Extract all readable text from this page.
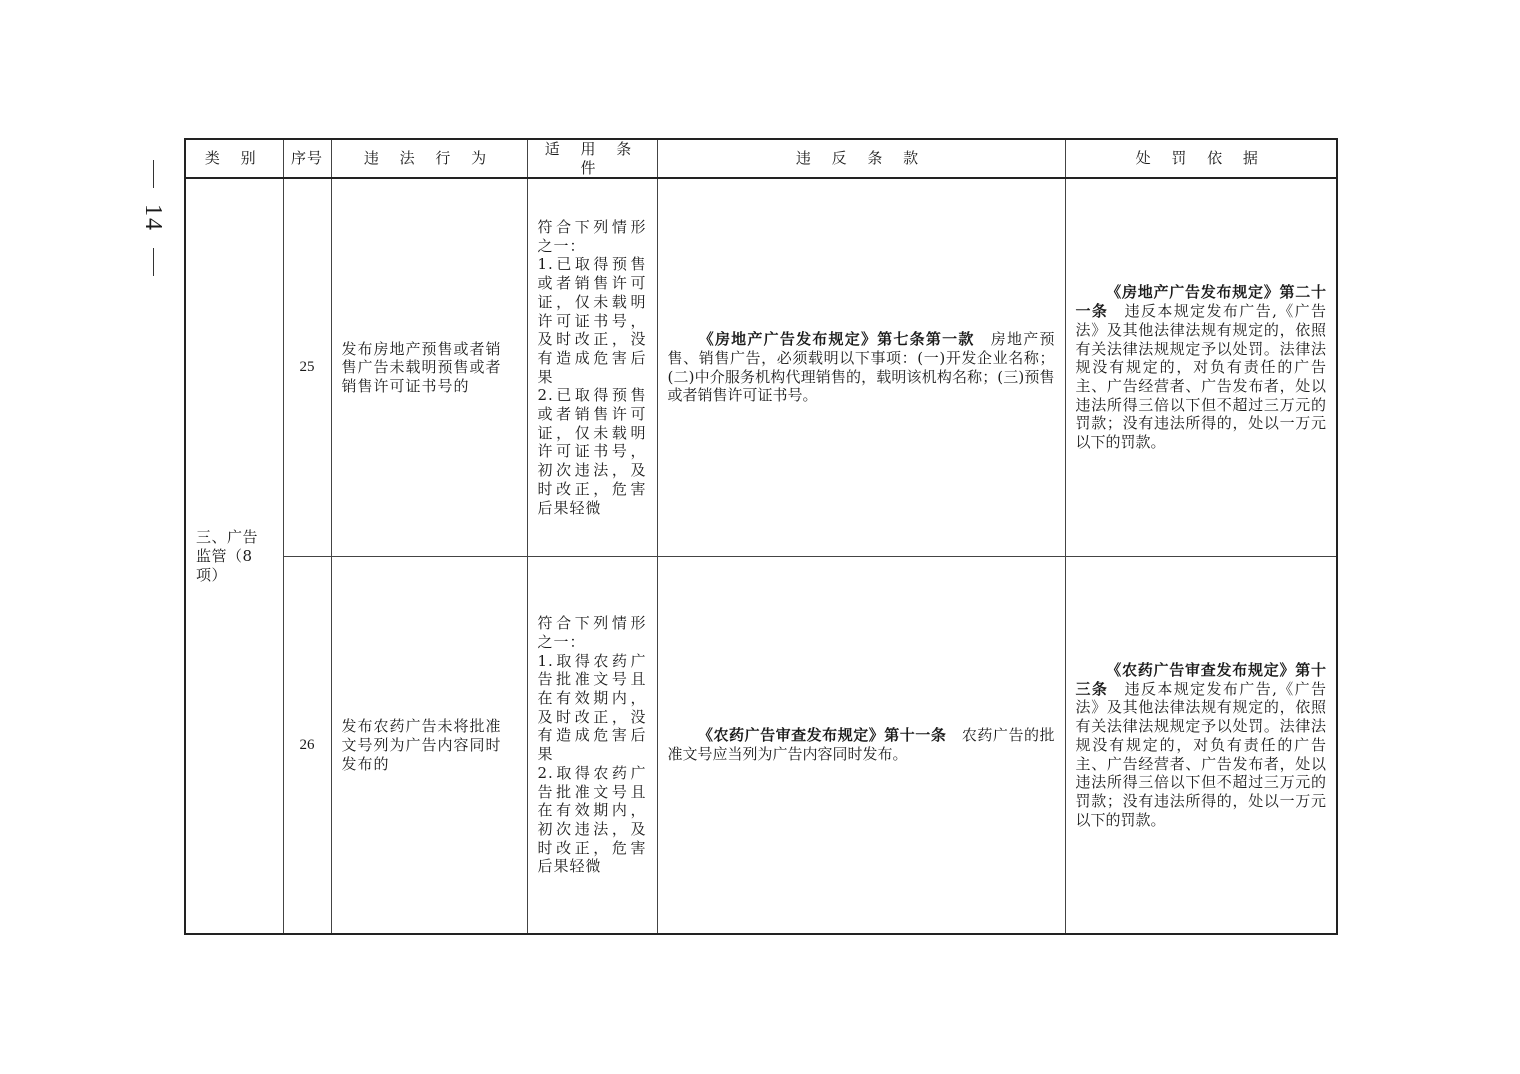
14
类 别	序号	违 法 行 为	适 用 条 件	违 反 条 款	处 罚 依 据
三、广告监管（8项）	25	发布房地产预售或者销售广告未载明预售或者销售许可证书号的	符合下列情形之一：
1.已取得预售或者销售许可证，仅未载明许可证书号，及时改正，没有造成危害后果
2.已取得预售或者销售许可证，仅未载明许可证书号，初次违法，及时改正，危害后果轻微	《房地产广告发布规定》第七条第一款 房地产预售、销售广告，必须载明以下事项：(一)开发企业名称；(二)中介服务机构代理销售的，载明该机构名称；(三)预售或者销售许可证书号。	《房地产广告发布规定》第二十一条 违反本规定发布广告,《广告法》及其他法律法规有规定的，依照有关法律法规规定予以处罚。法律法规没有规定的，对负有责任的广告主、广告经营者、广告发布者，处以违法所得三倍以下但不超过三万元的罚款；没有违法所得的，处以一万元以下的罚款。
	26	发布农药广告未将批准文号列为广告内容同时发布的	符合下列情形之一：
1.取得农药广告批准文号且在有效期内，及时改正，没有造成危害后果
2.取得农药广告批准文号且在有效期内，初次违法，及时改正，危害后果轻微	《农药广告审查发布规定》第十一条 农药广告的批准文号应当列为广告内容同时发布。	《农药广告审查发布规定》第十三条 违反本规定发布广告,《广告法》及其他法律法规有规定的，依照有关法律法规规定予以处罚。法律法规没有规定的，对负有责任的广告主、广告经营者、广告发布者，处以违法所得三倍以下但不超过三万元的罚款；没有违法所得的，处以一万元以下的罚款。
